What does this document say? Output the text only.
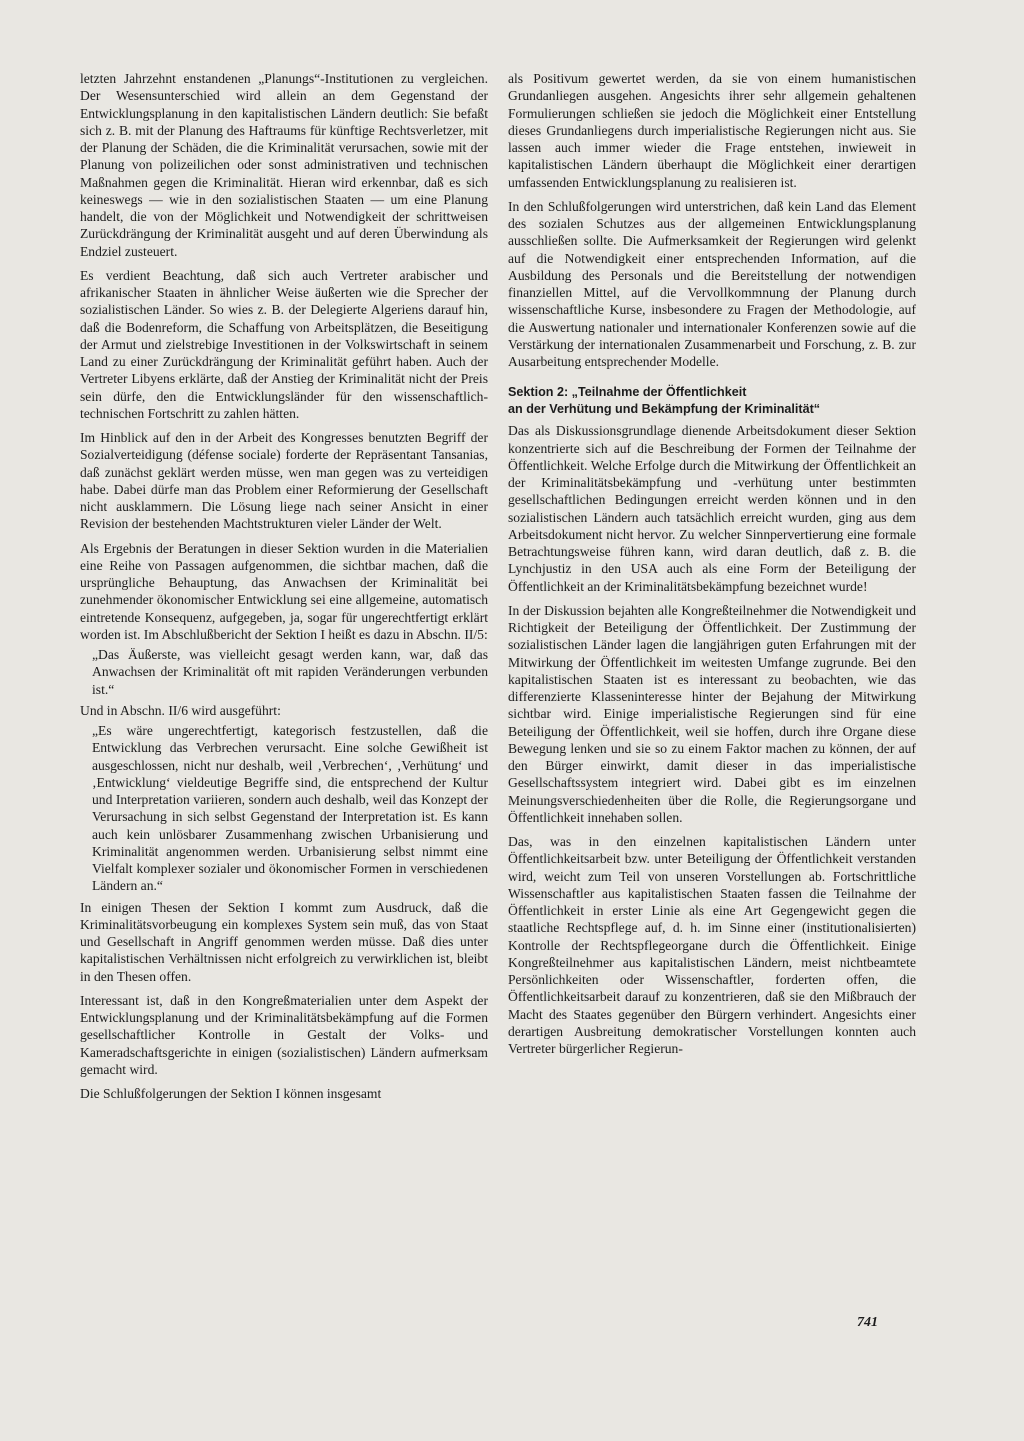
letzten Jahrzehnt enstandenen „Planungs“-Institutionen zu vergleichen. Der Wesensunterschied wird allein an dem Gegenstand der Entwicklungsplanung in den kapitalistischen Ländern deutlich: Sie befaßt sich z. B. mit der Planung des Haftraums für künftige Rechtsverletzer, mit der Planung der Schäden, die die Kriminalität verursachen, sowie mit der Planung von polizeilichen oder sonst administrativen und technischen Maßnahmen gegen die Kriminalität. Hieran wird erkennbar, daß es sich keineswegs — wie in den sozialistischen Staaten — um eine Planung handelt, die von der Möglichkeit und Notwendigkeit der schrittweisen Zurückdrängung der Kriminalität ausgeht und auf deren Überwindung als Endziel zusteuert.

Es verdient Beachtung, daß sich auch Vertreter arabischer und afrikanischer Staaten in ähnlicher Weise äußerten wie die Sprecher der sozialistischen Länder. So wies z. B. der Delegierte Algeriens darauf hin, daß die Bodenreform, die Schaffung von Arbeitsplätzen, die Beseitigung der Armut und zielstrebige Investitionen in der Volkswirtschaft in seinem Land zu einer Zurückdrängung der Kriminalität geführt haben. Auch der Vertreter Libyens erklärte, daß der Anstieg der Kriminalität nicht der Preis sein dürfe, den die Entwicklungsländer für den wissenschaftlich-technischen Fortschritt zu zahlen hätten.

Im Hinblick auf den in der Arbeit des Kongresses benutzten Begriff der Sozialverteidigung (défense sociale) forderte der Repräsentant Tansanias, daß zunächst geklärt werden müsse, wen man gegen was zu verteidigen habe. Dabei dürfe man das Problem einer Reformierung der Gesellschaft nicht ausklammern. Die Lösung liege nach seiner Ansicht in einer Revision der bestehenden Machtstrukturen vieler Länder der Welt.

Als Ergebnis der Beratungen in dieser Sektion wurden in die Materialien eine Reihe von Passagen aufgenommen, die sichtbar machen, daß die ursprüngliche Behauptung, das Anwachsen der Kriminalität bei zunehmender ökonomischer Entwicklung sei eine allgemeine, automatisch eintretende Konsequenz, aufgegeben, ja, sogar für ungerechtfertigt erklärt worden ist. Im Abschlußbericht der Sektion I heißt es dazu in Abschn. II/5:

„Das Äußerste, was vielleicht gesagt werden kann, war, daß das Anwachsen der Kriminalität oft mit rapiden Veränderungen verbunden ist.“

Und in Abschn. II/6 wird ausgeführt:

„Es wäre ungerechtfertigt, kategorisch festzustellen, daß die Entwicklung das Verbrechen verursacht. Eine solche Gewißheit ist ausgeschlossen, nicht nur deshalb, weil ‚Verbrechen‘, ‚Verhütung‘ und ‚Entwicklung‘ vieldeutige Begriffe sind, die entsprechend der Kultur und Interpretation variieren, sondern auch deshalb, weil das Konzept der Verursachung in sich selbst Gegenstand der Interpretation ist. Es kann auch kein unlösbarer Zusammenhang zwischen Urbanisierung und Kriminalität angenommen werden. Urbanisierung selbst nimmt eine Vielfalt komplexer sozialer und ökonomischer Formen in verschiedenen Ländern an.“

In einigen Thesen der Sektion I kommt zum Ausdruck, daß die Kriminalitätsvorbeugung ein komplexes System sein muß, das von Staat und Gesellschaft in Angriff genommen werden müsse. Daß dies unter kapitalistischen Verhältnissen nicht erfolgreich zu verwirklichen ist, bleibt in den Thesen offen.

Interessant ist, daß in den Kongreßmaterialien unter dem Aspekt der Entwicklungsplanung und der Kriminalitätsbekämpfung auf die Formen gesellschaftlicher Kontrolle in Gestalt der Volks- und Kameradschaftsgerichte in einigen (sozialistischen) Ländern aufmerksam gemacht wird.

Die Schlußfolgerungen der Sektion I können insgesamt

als Positivum gewertet werden, da sie von einem humanistischen Grundanliegen ausgehen. Angesichts ihrer sehr allgemein gehaltenen Formulierungen schließen sie jedoch die Möglichkeit einer Entstellung dieses Grundanliegens durch imperialistische Regierungen nicht aus. Sie lassen auch immer wieder die Frage entstehen, inwieweit in kapitalistischen Ländern überhaupt die Möglichkeit einer derartigen umfassenden Entwicklungsplanung zu realisieren ist.

In den Schlußfolgerungen wird unterstrichen, daß kein Land das Element des sozialen Schutzes aus der allgemeinen Entwicklungsplanung ausschließen sollte. Die Aufmerksamkeit der Regierungen wird gelenkt auf die Notwendigkeit einer entsprechenden Information, auf die Ausbildung des Personals und die Bereitstellung der notwendigen finanziellen Mittel, auf die Vervollkommnung der Planung durch wissenschaftliche Kurse, insbesondere zu Fragen der Methodologie, auf die Auswertung nationaler und internationaler Konferenzen sowie auf die Verstärkung der internationalen Zusammenarbeit und Forschung, z. B. zur Ausarbeitung entsprechender Modelle.

Sektion 2: „Teilnahme der Öffentlichkeit
an der Verhütung und Bekämpfung der Kriminalität“

Das als Diskussionsgrundlage dienende Arbeitsdokument dieser Sektion konzentrierte sich auf die Beschreibung der Formen der Teilnahme der Öffentlichkeit. Welche Erfolge durch die Mitwirkung der Öffentlichkeit an der Kriminalitätsbekämpfung und -verhütung unter bestimmten gesellschaftlichen Bedingungen erreicht werden können und in den sozialistischen Ländern auch tatsächlich erreicht wurden, ging aus dem Arbeitsdokument nicht hervor. Zu welcher Sinnpervertierung eine formale Betrachtungsweise führen kann, wird daran deutlich, daß z. B. die Lynchjustiz in den USA auch als eine Form der Beteiligung der Öffentlichkeit an der Kriminalitätsbekämpfung bezeichnet wurde!

In der Diskussion bejahten alle Kongreßteilnehmer die Notwendigkeit und Richtigkeit der Beteiligung der Öffentlichkeit. Der Zustimmung der sozialistischen Länder lagen die langjährigen guten Erfahrungen mit der Mitwirkung der Öffentlichkeit im weitesten Umfange zugrunde. Bei den kapitalistischen Staaten ist es interessant zu beobachten, wie das differenzierte Klasseninteresse hinter der Bejahung der Mitwirkung sichtbar wird. Einige imperialistische Regierungen sind für eine Beteiligung der Öffentlichkeit, weil sie hoffen, durch ihre Organe diese Bewegung lenken und sie so zu einem Faktor machen zu können, der auf den Bürger einwirkt, damit dieser in das imperialistische Gesellschaftssystem integriert wird. Dabei gibt es im einzelnen Meinungsverschiedenheiten über die Rolle, die Regierungsorgane und Öffentlichkeit innehaben sollen.

Das, was in den einzelnen kapitalistischen Ländern unter Öffentlichkeitsarbeit bzw. unter Beteiligung der Öffentlichkeit verstanden wird, weicht zum Teil von unseren Vorstellungen ab. Fortschrittliche Wissenschaftler aus kapitalistischen Staaten fassen die Teilnahme der Öffentlichkeit in erster Linie als eine Art Gegengewicht gegen die staatliche Rechtspflege auf, d. h. im Sinne einer (institutionalisierten) Kontrolle der Rechtspflegeorgane durch die Öffentlichkeit. Einige Kongreßteilnehmer aus kapitalistischen Ländern, meist nichtbeamtete Persönlichkeiten oder Wissenschaftler, forderten offen, die Öffentlichkeitsarbeit darauf zu konzentrieren, daß sie den Mißbrauch der Macht des Staates gegenüber den Bürgern verhindert. Angesichts einer derartigen Ausbreitung demokratischer Vorstellungen konnten auch Vertreter bürgerlicher Regierun-

741
